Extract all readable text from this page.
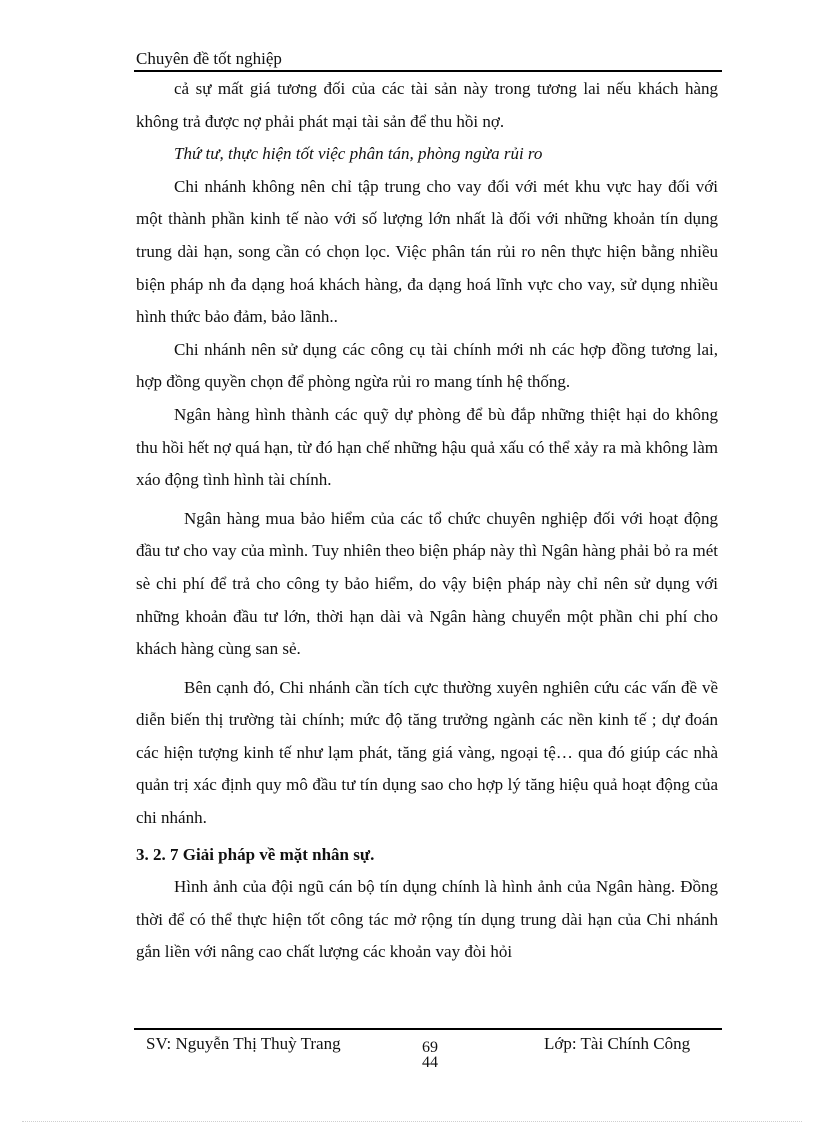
Chuyên đề tốt nghiệp

cả sự mất giá tương đối của các tài sản này trong tương lai nếu khách hàng không trả được nợ phải phát mại tài sản để thu hồi nợ.

Thứ tư, thực hiện tốt việc phân tán, phòng ngừa rủi ro

Chi nhánh không nên chỉ tập trung cho vay đối với mét khu vực hay đối với một thành phần kinh tế nào với số lượng lớn nhất là đối với những khoản tín dụng trung dài hạn, song cần có chọn lọc. Việc phân tán rủi ro nên thực hiện bằng nhiều biện pháp nh đa dạng hoá khách hàng, đa dạng hoá lĩnh vực cho vay, sử dụng nhiều hình thức bảo đảm, bảo lãnh..

Chi nhánh nên sử dụng các công cụ tài chính mới nh các hợp đồng tương lai, hợp đồng quyền chọn để phòng ngừa rủi ro mang tính hệ thống.

Ngân hàng hình thành các quỹ dự phòng để bù đắp những thiệt hại do không thu hồi hết nợ quá hạn, từ đó hạn chế những hậu quả xấu có thể xảy ra mà không làm xáo động tình hình tài chính.

Ngân hàng mua bảo hiểm của các tổ chức chuyên nghiệp đối với hoạt động đầu tư cho vay của mình. Tuy nhiên theo biện pháp này thì Ngân hàng phải bỏ ra mét sè chi phí để trả cho công ty bảo hiểm, do vậy biện pháp này chỉ nên sử dụng với những khoản đầu tư lớn, thời hạn dài và Ngân hàng chuyển một phần chi phí cho khách hàng cùng san sẻ.

Bên cạnh đó, Chi nhánh cần tích cực thường xuyên nghiên cứu các vấn đề về diễn biến thị trường tài chính; mức độ tăng trưởng ngành các nền kinh tế ; dự đoán các hiện tượng kinh tế như lạm phát, tăng giá vàng, ngoại tệ… qua đó giúp các nhà quản trị xác định quy mô đầu tư tín dụng sao cho hợp lý tăng hiệu quả hoạt động của chi nhánh.

3. 2. 7 Giải pháp về mặt nhân sự.

Hình ảnh của đội ngũ cán bộ tín dụng chính là hình ảnh của Ngân hàng. Đồng thời để có thể thực hiện tốt công tác mở rộng tín dụng trung dài hạn của Chi nhánh gắn liền với nâng cao chất lượng các khoản vay đòi hỏi

SV: Nguyễn Thị Thuỳ Trang	69
44
Lớp: Tài Chính Công
